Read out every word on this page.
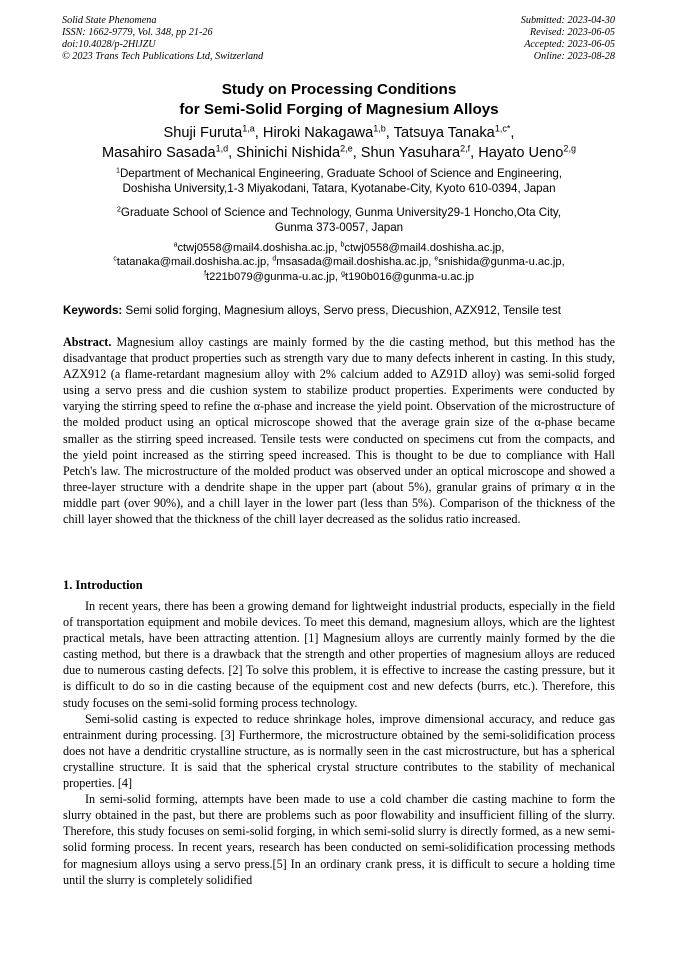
Solid State Phenomena
ISSN: 1662-9779, Vol. 348, pp 21-26
doi:10.4028/p-2HlJZU
© 2023 Trans Tech Publications Ltd, Switzerland
Submitted: 2023-04-30
Revised: 2023-06-05
Accepted: 2023-06-05
Online: 2023-08-28
Study on Processing Conditions
for Semi-Solid Forging of Magnesium Alloys
Shuji Furuta$^{1,a}$, Hiroki Nakagawa$^{1,b}$, Tatsuya Tanaka$^{1,c*}$,
Masahiro Sasada$^{1,d}$, Shinichi Nishida$^{2,e}$, Shun Yasuhara$^{2,f}$, Hayato Ueno$^{2,g}$
$^1$Department of Mechanical Engineering, Graduate School of Science and Engineering,
Doshisha University,1-3 Miyakodani, Tatara, Kyotanabe-City, Kyoto 610-0394, Japan
$^2$Graduate School of Science and Technology, Gunma University29-1 Honcho,Ota City,
Gunma 373-0057, Japan
$^a$ctwj0558@mail4.doshisha.ac.jp, $^b$ctwj0558@mail4.doshisha.ac.jp,
$^c$tatanaka@mail.doshisha.ac.jp, $^d$msasada@mail.doshisha.ac.jp, $^e$snishida@gunma-u.ac.jp,
$^f$t221b079@gunma-u.ac.jp, $^g$t190b016@gunma-u.ac.jp
Keywords: Semi solid forging, Magnesium alloys, Servo press, Diecushion, AZX912, Tensile test

Abstract. Magnesium alloy castings are mainly formed by the die casting method, but this method has the disadvantage that product properties such as strength vary due to many defects inherent in casting. In this study, AZX912 (a flame-retardant magnesium alloy with 2% calcium added to AZ91D alloy) was semi-solid forged using a servo press and die cushion system to stabilize product properties. Experiments were conducted by varying the stirring speed to refine the α-phase and increase the yield point. Observation of the microstructure of the molded product using an optical microscope showed that the average grain size of the α-phase became smaller as the stirring speed increased. Tensile tests were conducted on specimens cut from the compacts, and the yield point increased as the stirring speed increased. This is thought to be due to compliance with Hall Petch's law. The microstructure of the molded product was observed under an optical microscope and showed a three-layer structure with a dendrite shape in the upper part (about 5%), granular grains of primary α in the middle part (over 90%), and a chill layer in the lower part (less than 5%). Comparison of the thickness of the chill layer showed that the thickness of the chill layer decreased as the solidus ratio increased.

1. Introduction

In recent years, there has been a growing demand for lightweight industrial products, especially in the field of transportation equipment and mobile devices. To meet this demand, magnesium alloys, which are the lightest practical metals, have been attracting attention. [1] Magnesium alloys are currently mainly formed by the die casting method, but there is a drawback that the strength and other properties of magnesium alloys are reduced due to numerous casting defects. [2] To solve this problem, it is effective to increase the casting pressure, but it is difficult to do so in die casting because of the equipment cost and new defects (burrs, etc.). Therefore, this study focuses on the semi-solid forming process technology.

Semi-solid casting is expected to reduce shrinkage holes, improve dimensional accuracy, and reduce gas entrainment during processing. [3] Furthermore, the microstructure obtained by the semi-solidification process does not have a dendritic crystalline structure, as is normally seen in the cast microstructure, but has a spherical crystalline structure. It is said that the spherical crystal structure contributes to the stability of mechanical properties. [4]

In semi-solid forming, attempts have been made to use a cold chamber die casting machine to form the slurry obtained in the past, but there are problems such as poor flowability and insufficient filling of the slurry. Therefore, this study focuses on semi-solid forging, in which semi-solid slurry is directly formed, as a new semi-solid forming process. In recent years, research has been conducted on semi-solidification processing methods for magnesium alloys using a servo press.[5] In an ordinary crank press, it is difficult to secure a holding time until the slurry is completely solidified
